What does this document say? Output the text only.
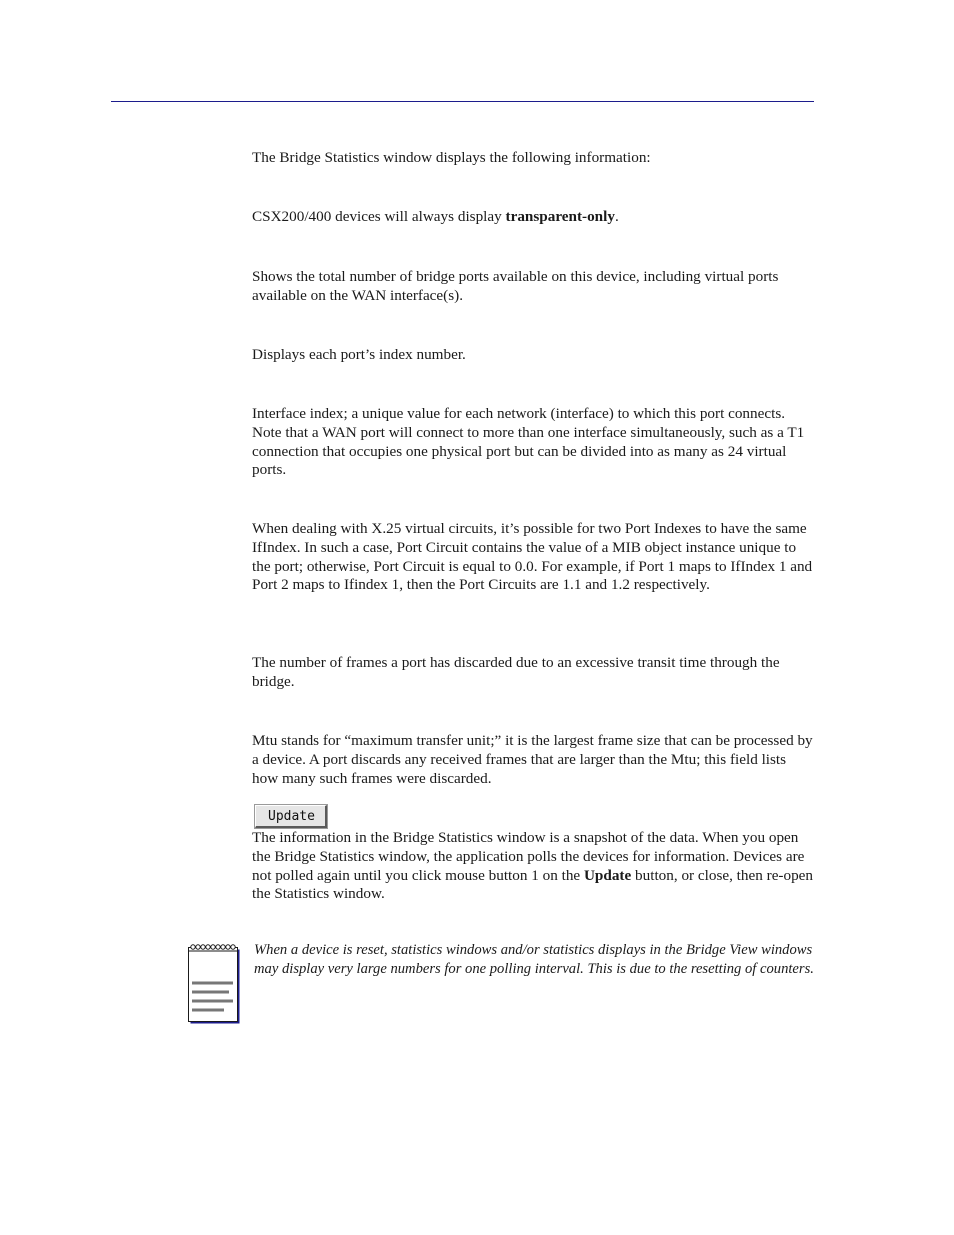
The Bridge Statistics window displays the following information:

CSX200/400 devices will always display transparent-only.

Shows the total number of bridge ports available on this device, including virtual ports available on the WAN interface(s).

Displays each port’s index number.

Interface index; a unique value for each network (interface) to which this port connects. Note that a WAN port will connect to more than one interface simultaneously, such as a T1 connection that occupies one physical port but can be divided into as many as 24 virtual ports.

When dealing with X.25 virtual circuits, it’s possible for two Port Indexes to have the same IfIndex. In such a case, Port Circuit contains the value of a MIB object instance unique to the port; otherwise, Port Circuit is equal to 0.0. For example, if Port 1 maps to IfIndex 1 and Port 2 maps to Ifindex 1, then the Port Circuits are 1.1 and 1.2 respectively.

The number of frames a port has discarded due to an excessive transit time through the bridge.

Mtu stands for “maximum transfer unit;” it is the largest frame size that can be processed by a device. A port discards any received frames that are larger than the Mtu; this field lists how many such frames were discarded.

Update

The information in the Bridge Statistics window is a snapshot of the data. When you open the Bridge Statistics window, the application polls the devices for information. Devices are not polled again until you click mouse button 1 on the Update button, or close, then re-open the Statistics window.

When a device is reset, statistics windows and/or statistics displays in the Bridge View windows may display very large numbers for one polling interval. This is due to the resetting of counters.
